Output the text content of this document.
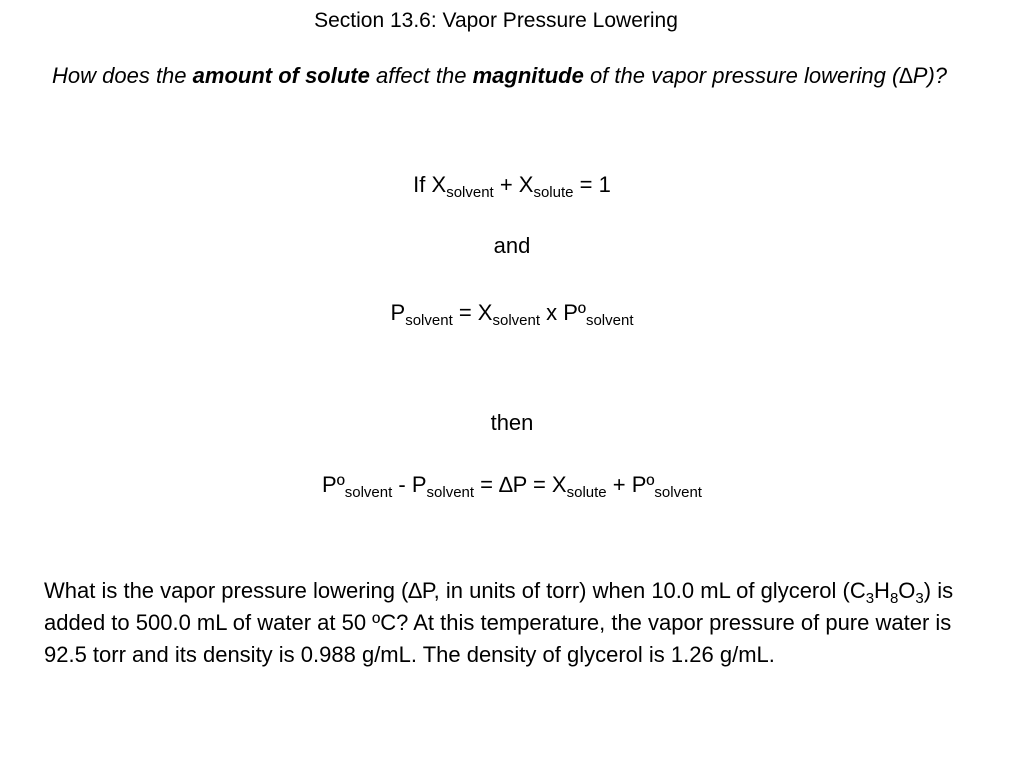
Section 13.6: Vapor Pressure Lowering
How does the amount of solute affect the magnitude of the vapor pressure lowering (∆P)?
If $X_{solvent} + X_{solute} = 1$
and
$P_{solvent} = X_{solvent}$ x Pº$_{solvent}$
then
Pº$_{solvent}$ - $P_{solvent} = \Delta P = X_{solute}$ + Pº$_{solvent}$
What is the vapor pressure lowering (∆P, in units of torr) when 10.0 mL of glycerol $(C_3H_8O_3)$ is added to 500.0 mL of water at 50 ºC? At this temperature, the vapor pressure of pure water is 92.5 torr and its density is 0.988 g/mL. The density of glycerol is 1.26 g/mL.
